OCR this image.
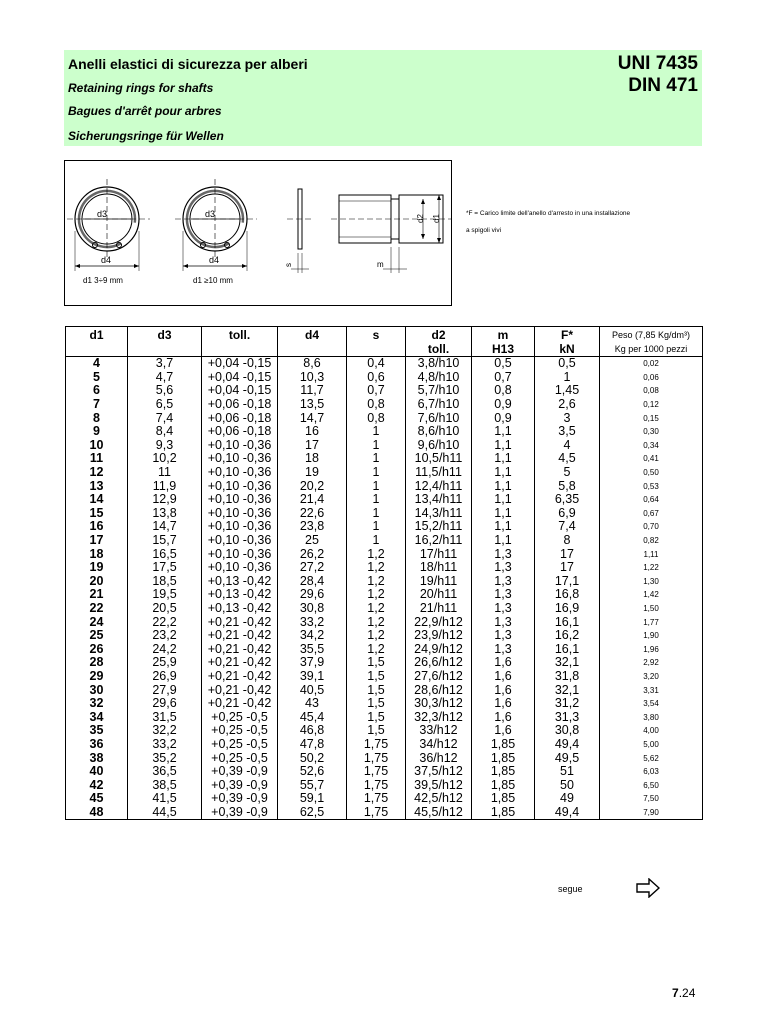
Anelli elastici di sicurezza per alberi
Retaining rings for shafts
Bagues d'arrêt pour arbres
Sicherungsringe für Wellen
UNI 7435
DIN 471
d3	d3
d4	d4
d1 3÷9 mm	d1 ≥10 mm
s	m
d2 d1
*F = Carico limite dell'anello d'arresto in una installazione
a spigoli vivi
d1	d3	toll.	d4	s	d2	m	F*	Peso (7,85 Kg/dm³)
					toll.	H13	kN	Kg per 1000 pezzi
4	3,7	+0,04 -0,15	8,6	0,4	3,8/h10	0,5	0,5	0,02
5	4,7	+0,04 -0,15	10,3	0,6	4,8/h10	0,7	1	0,06
6	5,6	+0,04 -0,15	11,7	0,7	5,7/h10	0,8	1,45	0,08
7	6,5	+0,06 -0,18	13,5	0,8	6,7/h10	0,9	2,6	0,12
8	7,4	+0,06 -0,18	14,7	0,8	7,6/h10	0,9	3	0,15
9	8,4	+0,06 -0,18	16	1	8,6/h10	1,1	3,5	0,30
10	9,3	+0,10 -0,36	17	1	9,6/h10	1,1	4	0,34
11	10,2	+0,10 -0,36	18	1	10,5/h11	1,1	4,5	0,41
12	11	+0,10 -0,36	19	1	11,5/h11	1,1	5	0,50
13	11,9	+0,10 -0,36	20,2	1	12,4/h11	1,1	5,8	0,53
14	12,9	+0,10 -0,36	21,4	1	13,4/h11	1,1	6,35	0,64
15	13,8	+0,10 -0,36	22,6	1	14,3/h11	1,1	6,9	0,67
16	14,7	+0,10 -0,36	23,8	1	15,2/h11	1,1	7,4	0,70
17	15,7	+0,10 -0,36	25	1	16,2/h11	1,1	8	0,82
18	16,5	+0,10 -0,36	26,2	1,2	17/h11	1,3	17	1,11
19	17,5	+0,10 -0,36	27,2	1,2	18/h11	1,3	17	1,22
20	18,5	+0,13 -0,42	28,4	1,2	19/h11	1,3	17,1	1,30
21	19,5	+0,13 -0,42	29,6	1,2	20/h11	1,3	16,8	1,42
22	20,5	+0,13 -0,42	30,8	1,2	21/h11	1,3	16,9	1,50
24	22,2	+0,21 -0,42	33,2	1,2	22,9/h12	1,3	16,1	1,77
25	23,2	+0,21 -0,42	34,2	1,2	23,9/h12	1,3	16,2	1,90
26	24,2	+0,21 -0,42	35,5	1,2	24,9/h12	1,3	16,1	1,96
28	25,9	+0,21 -0,42	37,9	1,5	26,6/h12	1,6	32,1	2,92
29	26,9	+0,21 -0,42	39,1	1,5	27,6/h12	1,6	31,8	3,20
30	27,9	+0,21 -0,42	40,5	1,5	28,6/h12	1,6	32,1	3,31
32	29,6	+0,21 -0,42	43	1,5	30,3/h12	1,6	31,2	3,54
34	31,5	+0,25 -0,5	45,4	1,5	32,3/h12	1,6	31,3	3,80
35	32,2	+0,25 -0,5	46,8	1,5	33/h12	1,6	30,8	4,00
36	33,2	+0,25 -0,5	47,8	1,75	34/h12	1,85	49,4	5,00
38	35,2	+0,25 -0,5	50,2	1,75	36/h12	1,85	49,5	5,62
40	36,5	+0,39 -0,9	52,6	1,75	37,5/h12	1,85	51	6,03
42	38,5	+0,39 -0,9	55,7	1,75	39,5/h12	1,85	50	6,50
45	41,5	+0,39 -0,9	59,1	1,75	42,5/h12	1,85	49	7,50
48	44,5	+0,39 -0,9	62,5	1,75	45,5/h12	1,85	49,4	7,90
segue
7.24
